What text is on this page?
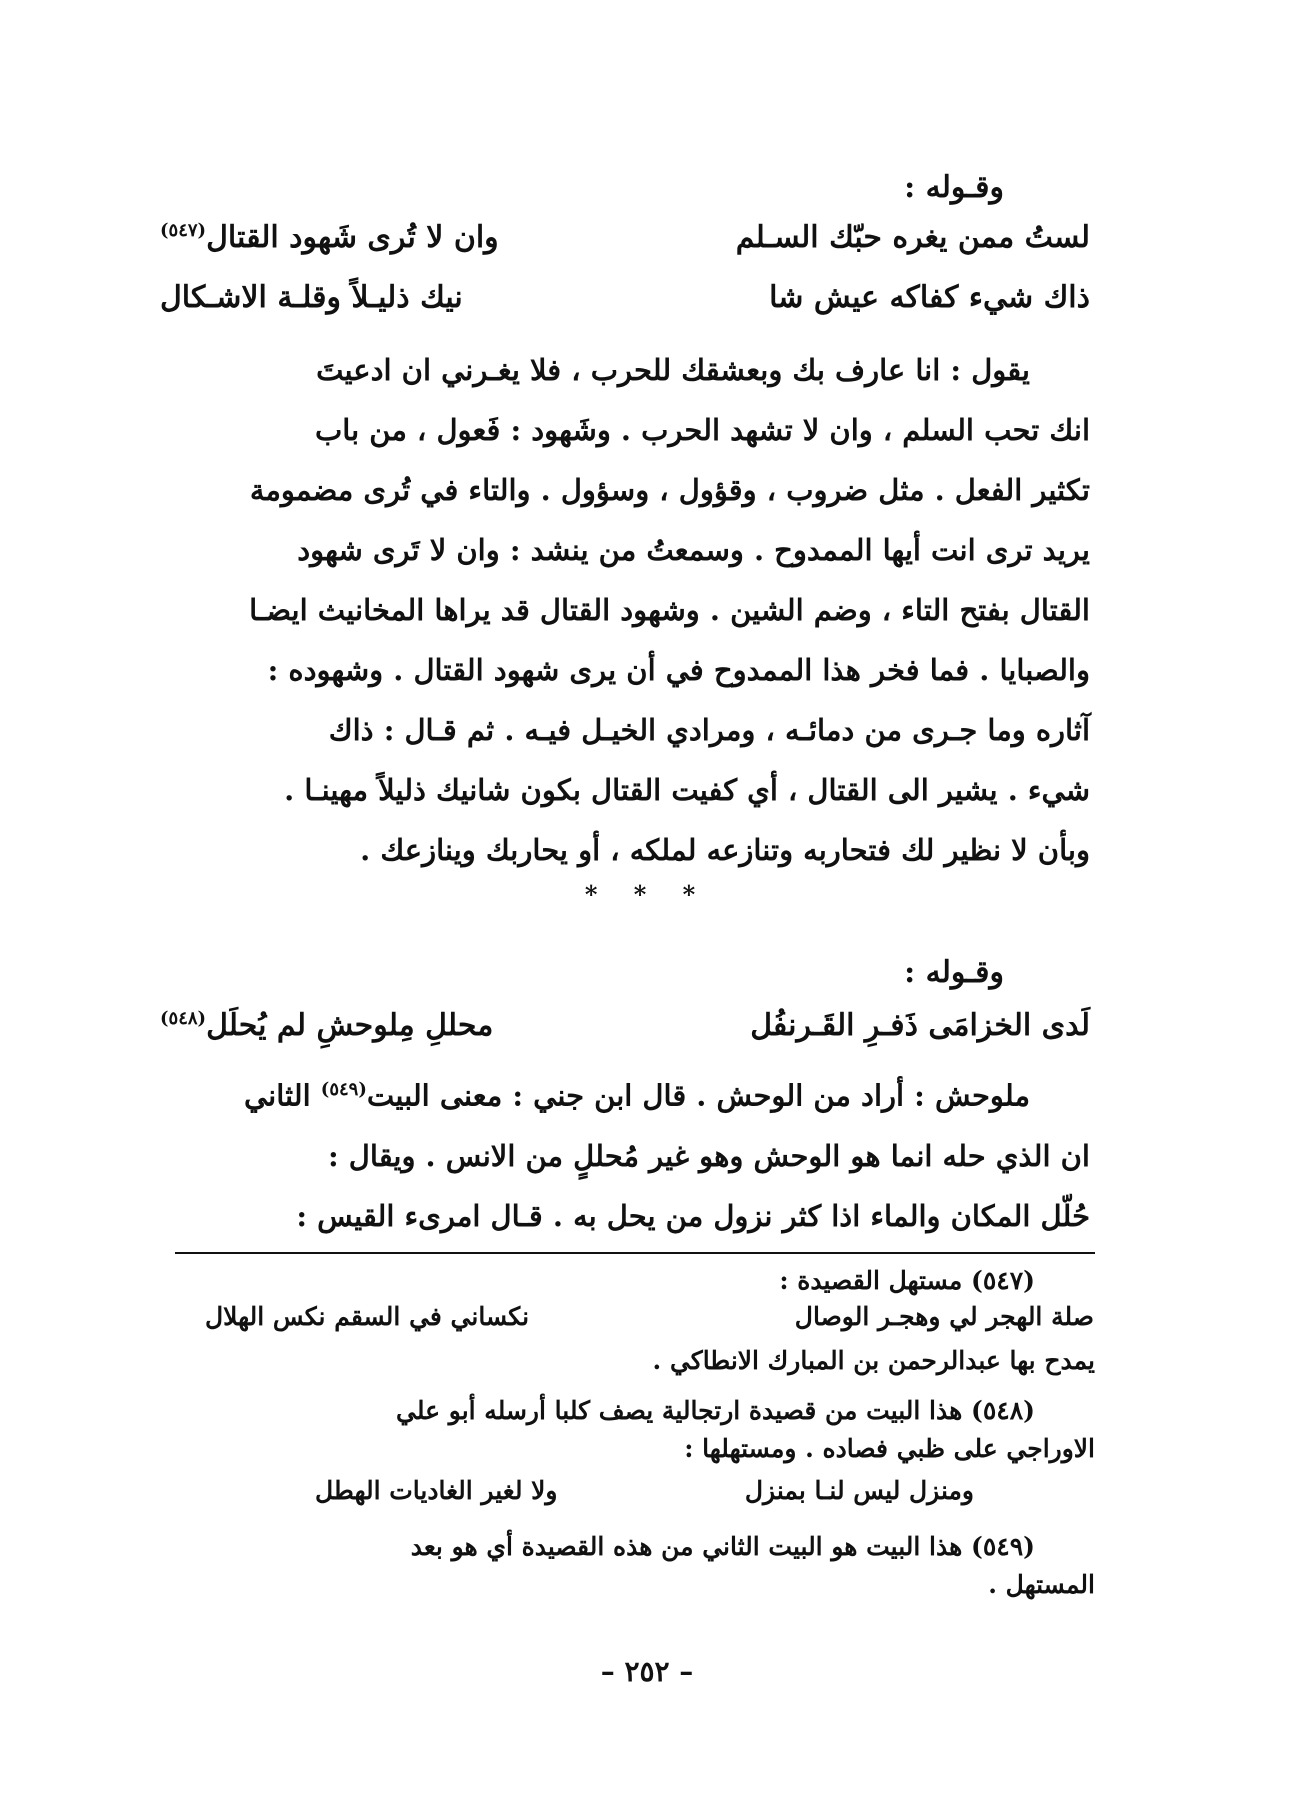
وقـوله :
لستُ ممن يغره حبّك السـلم
وان لا تُرى شَهود القتال$^{(٥٤٧)}$
ذاك شيء كفاكه عيش شا
نيك ذليـلاً وقلـة الاشـكال

يقول : انا عارف بك وبعشقك للحرب ، فلا يغـرني ان ادعيتَ

انك تحب السلم ، وان لا تشهد الحرب . وشَهود : فَعول ، من باب

تكثير الفعل . مثل ضروب ، وقؤول ، وسؤول . والتاء في تُرى مضمومة

يريد ترى انت أيها الممدوح . وسمعتُ من ينشد : وان لا تَرى شهود

القتال بفتح التاء ، وضم الشين . وشهود القتال قد يراها المخانيث ايضـا

والصبايا . فما فخر هذا الممدوح في أن يرى شهود القتال . وشهوده :

آثاره وما جـرى من دمائـه ، ومرادي الخيـل فيـه . ثم قـال : ذاك

شيء . يشير الى القتال ، أي كفيت القتال بكون شانيك ذليلاً مهينـا .

وبأن لا نظير لك فتحاربه وتنازعه لملكه ، أو يحاربك وينازعك .

* * *
وقـوله :
لَدى الخزامَى ذَفـرِ القَـرنفُل
محللِ مِلوحشِ لم يُحلَل$^{(٥٤٨)}$

ملوحش : أراد من الوحش . قال ابن جني : معنى البيت$^{(٥٤٩)}$ الثاني

ان الذي حله انما هو الوحش وهو غير مُحللٍ من الانس . ويقال :

حُلّل المكان والماء اذا كثر نزول من يحل به . قـال امرىء القيس :

(٥٤٧) مستهل القصيدة :
صلة الهجر لي وهجـر الوصال
نكساني في السقم نكس الهلال
يمدح بها عبدالرحمن بن المبارك الانطاكي .
(٥٤٨) هذا البيت من قصيدة ارتجالية يصف كلبا أرسله أبو علي
الاوراجي على ظبي فصاده . ومستهلها :
ومنزل ليس لنـا بمنزل
ولا لغير الغاديات الهطل
(٥٤٩) هذا البيت هو البيت الثاني من هذه القصيدة أي هو بعد
المستهل .
– ٢٥٢ –
